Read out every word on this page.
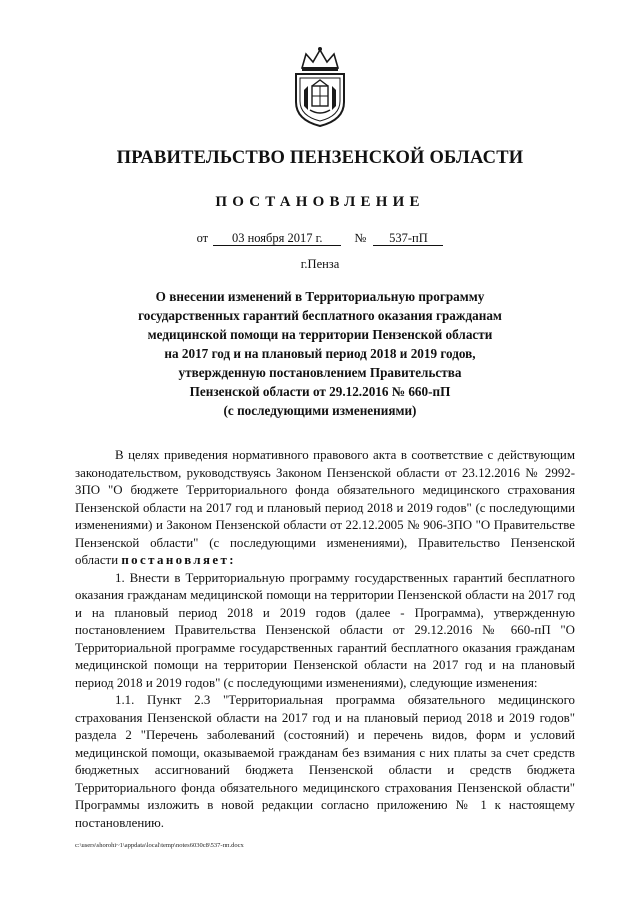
ПРАВИТЕЛЬСТВО ПЕНЗЕНСКОЙ ОБЛАСТИ
ПОСТАНОВЛЕНИЕ
от 03 ноября 2017 г.	№ 537-пП
г.Пенза
О внесении изменений в Территориальную программу
государственных гарантий бесплатного оказания гражданам
медицинской помощи на территории Пензенской области
на 2017 год и на плановый период 2018 и 2019 годов,
утвержденную постановлением Правительства
Пензенской области от 29.12.2016 № 660-пП
(с последующими изменениями)

В целях приведения нормативного правового акта в соответствие с действующим законодательством, руководствуясь Законом Пензенской области от 23.12.2016 № 2992-ЗПО "О бюджете Территориального фонда обязательного медицинского страхования Пензенской области на 2017 год и плановый период 2018 и 2019 годов" (с последующими изменениями) и Законом Пензенской области от 22.12.2005 № 906-ЗПО "О Правительстве Пензенской области" (с последующими изменениями), Правительство Пензенской области постановляет:

1. Внести в Территориальную программу государственных гарантий бесплатного оказания гражданам медицинской помощи на территории Пензенской области на 2017 год и на плановый период 2018 и 2019 годов (далее - Программа), утвержденную постановлением Правительства Пензенской области от 29.12.2016 № 660-пП "О Территориальной программе государственных гарантий бесплатного оказания гражданам медицинской помощи на территории Пензенской области на 2017 год и на плановый период 2018 и 2019 годов" (с последующими изменениями), следующие изменения:

1.1. Пункт 2.3 "Территориальная программа обязательного медицинского страхования Пензенской области на 2017 год и на плановый период 2018 и 2019 годов" раздела 2 "Перечень заболеваний (состояний) и перечень видов, форм и условий медицинской помощи, оказываемой гражданам без взимания с них платы за счет средств бюджетных ассигнований бюджета Пензенской области и средств бюджета Территориального фонда обязательного медицинского страхования Пензенской области" Программы изложить в новой редакции согласно приложению № 1 к настоящему постановлению.

c:\users\shorohi~1\appdata\local\temp\notes6030c8\537-пп.docx
